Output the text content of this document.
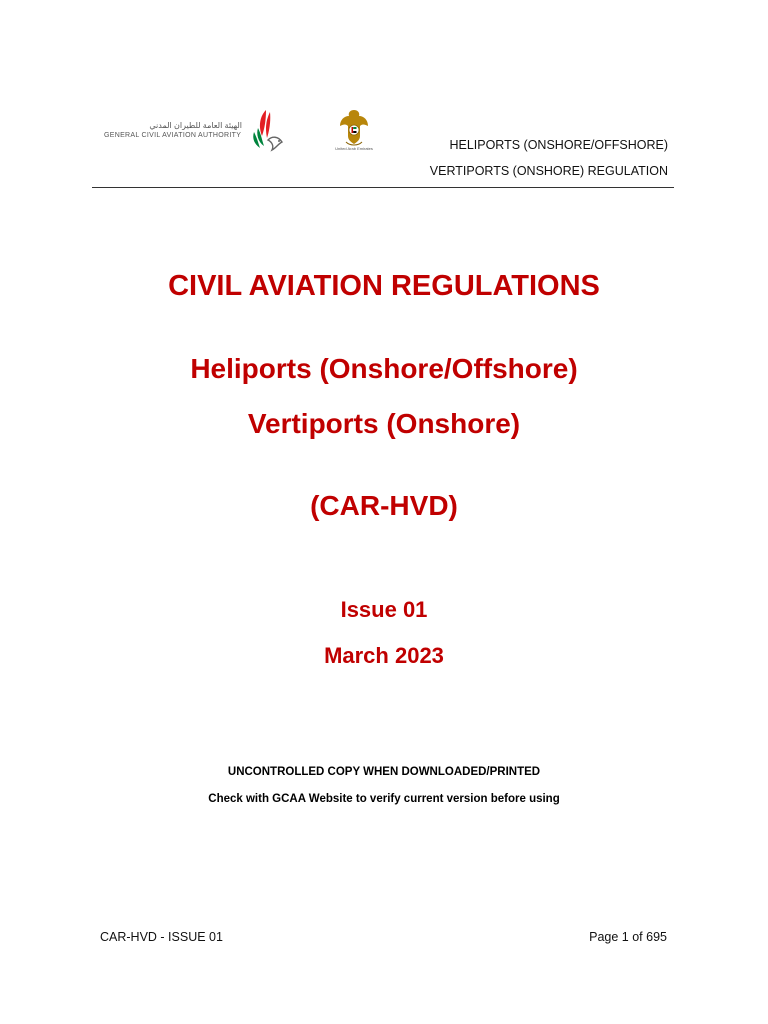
الهيئة العامة للطيران المدني
GENERAL CIVIL AVIATION AUTHORITY
United Arab Emirates	HELIPORTS (ONSHORE/OFFSHORE)
VERTIPORTS (ONSHORE) REGULATION
CIVIL AVIATION REGULATIONS
Heliports (Onshore/Offshore)
Vertiports (Onshore)
(CAR-HVD)
Issue 01
March 2023
UNCONTROLLED COPY WHEN DOWNLOADED/PRINTED
Check with GCAA Website to verify current version before using
CAR-HVD - ISSUE 01	Page 1 of 695
